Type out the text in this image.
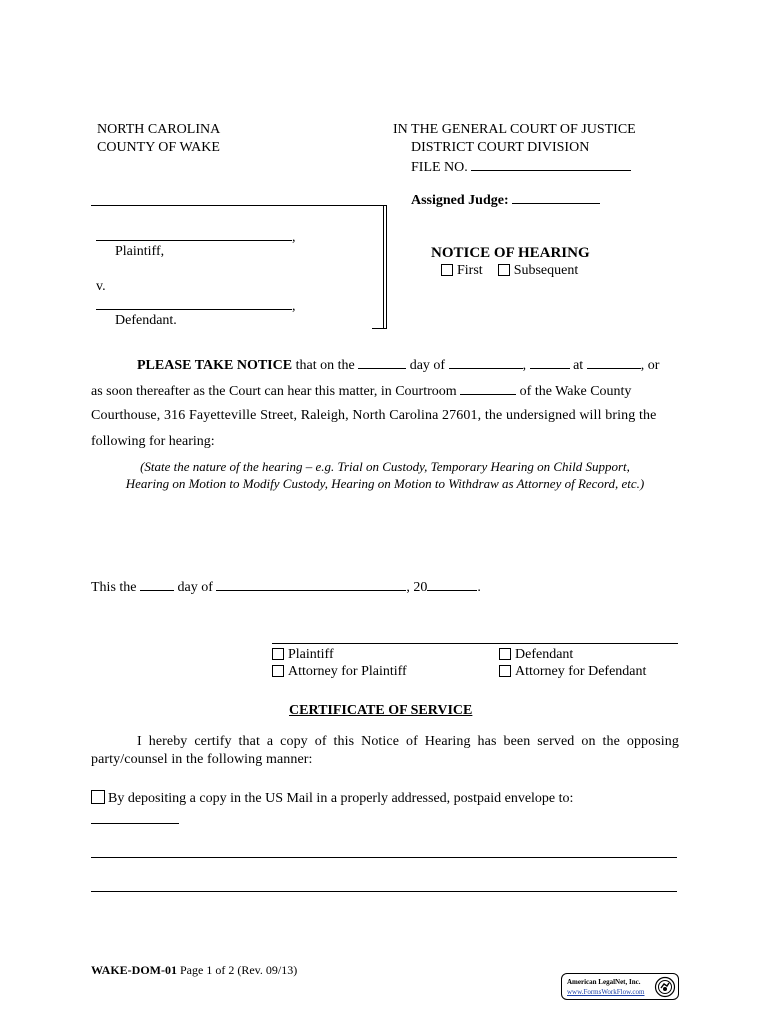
NORTH CAROLINA
COUNTY OF WAKE
IN THE GENERAL COURT OF JUSTICE
DISTRICT COURT DIVISION
FILE NO.
Assigned Judge:
,
Plaintiff,
v.
,
Defendant.
NOTICE OF HEARING
First Subsequent
PLEASE TAKE NOTICE that on the	day of	,	at	, or
as soon thereafter as the Court can hear this matter, in Courtroom	of the Wake County
Courthouse, 316 Fayetteville Street, Raleigh, North Carolina 27601, the undersigned will bring the
following for hearing:
(State the nature of the hearing – e.g. Trial on Custody, Temporary Hearing on Child Support,
Hearing on Motion to Modify Custody, Hearing on Motion to Withdraw as Attorney of Record, etc.)
This the	day of	, 20	.
Plaintiff
Attorney for Plaintiff
Defendant
Attorney for Defendant
CERTIFICATE OF SERVICE
I hereby certify that a copy of this Notice of Hearing has been served on the opposing party/counsel in the following manner:
By depositing a copy in the US Mail in a properly addressed, postpaid envelope to:
WAKE-DOM-01 Page 1 of 2 (Rev. 09/13)
American LegalNet, Inc.
www.FormsWorkFlow.com
